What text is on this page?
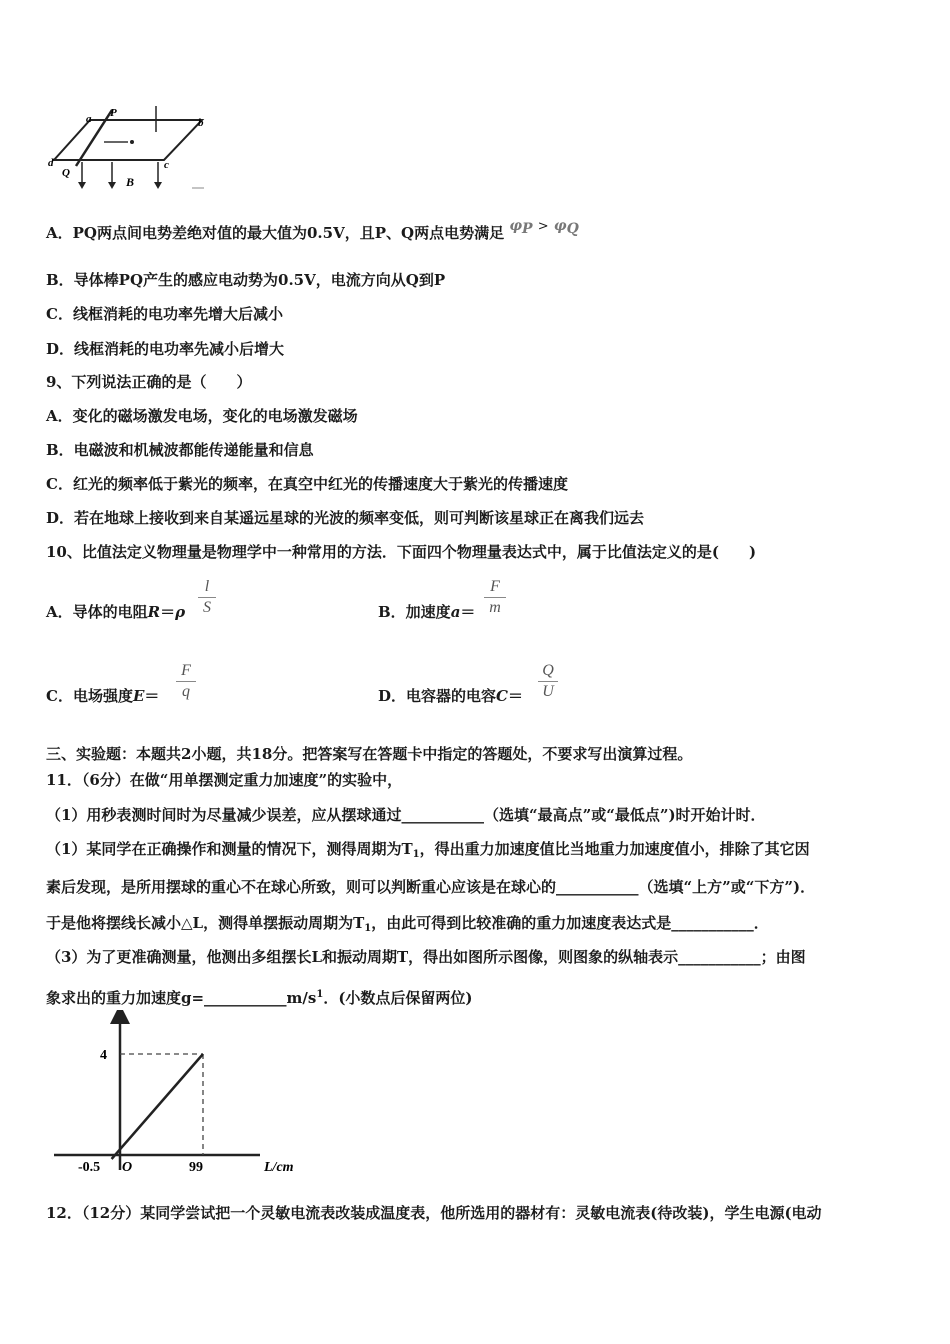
a P
b
d
Q
c
B
A．PQ两点间电势差绝对值的最大值为0.5V，且P、Q两点电势满足 φP > φQ
B．导体棒PQ产生的感应电动势为0.5V，电流方向从Q到P
C．线框消耗的电功率先增大后减小
D．线框消耗的电功率先减小后增大
9、下列说法正确的是（　　）
A．变化的磁场激发电场，变化的电场激发磁场
B．电磁波和机械波都能传递能量和信息
C．红光的频率低于紫光的频率，在真空中红光的传播速度大于紫光的传播速度
D．若在地球上接收到来自某遥远星球的光波的频率变低，则可判断该星球正在离我们远去
10、比值法定义物理量是物理学中一种常用的方法．下面四个物理量表达式中，属于比值法定义的是(　　)
A．导体的电阻R＝ρ
l
S	B．加速度a＝
F
m
C．电场强度E＝
F
q	D．电容器的电容C＝
Q
U
三、实验题：本题共2小题，共18分。把答案写在答题卡中指定的答题处，不要求写出演算过程。
11．（6分）在做“用单摆测定重力加速度”的实验中，
（1）用秒表测时间时为尽量减少误差，应从摆球通过___________（选填“最高点”或“最低点”)时开始计时．
（1）某同学在正确操作和测量的情况下，测得周期为$T_1$，得出重力加速度值比当地重力加速度值小，排除了其它因
素后发现，是所用摆球的重心不在球心所致，则可以判断重心应该是在球心的___________（选填“上方”或“下方”)．
于是他将摆线长减小△L，测得单摆振动周期为$T_1$，由此可得到比较准确的重力加速度表达式是___________．
（3）为了更准确测量，他测出多组摆长L和振动周期T，得出如图所示图像，则图象的纵轴表示___________；由图
象求出的重力加速度$g=\_\_\_\_\_\_\_\_\_\_\_m/s^1$．(小数点后保留两位)
4
-0.5 O	99	L/cm
12．（12分）某同学尝试把一个灵敏电流表改装成温度表，他所选用的器材有：灵敏电流表(待改装)，学生电源(电动
